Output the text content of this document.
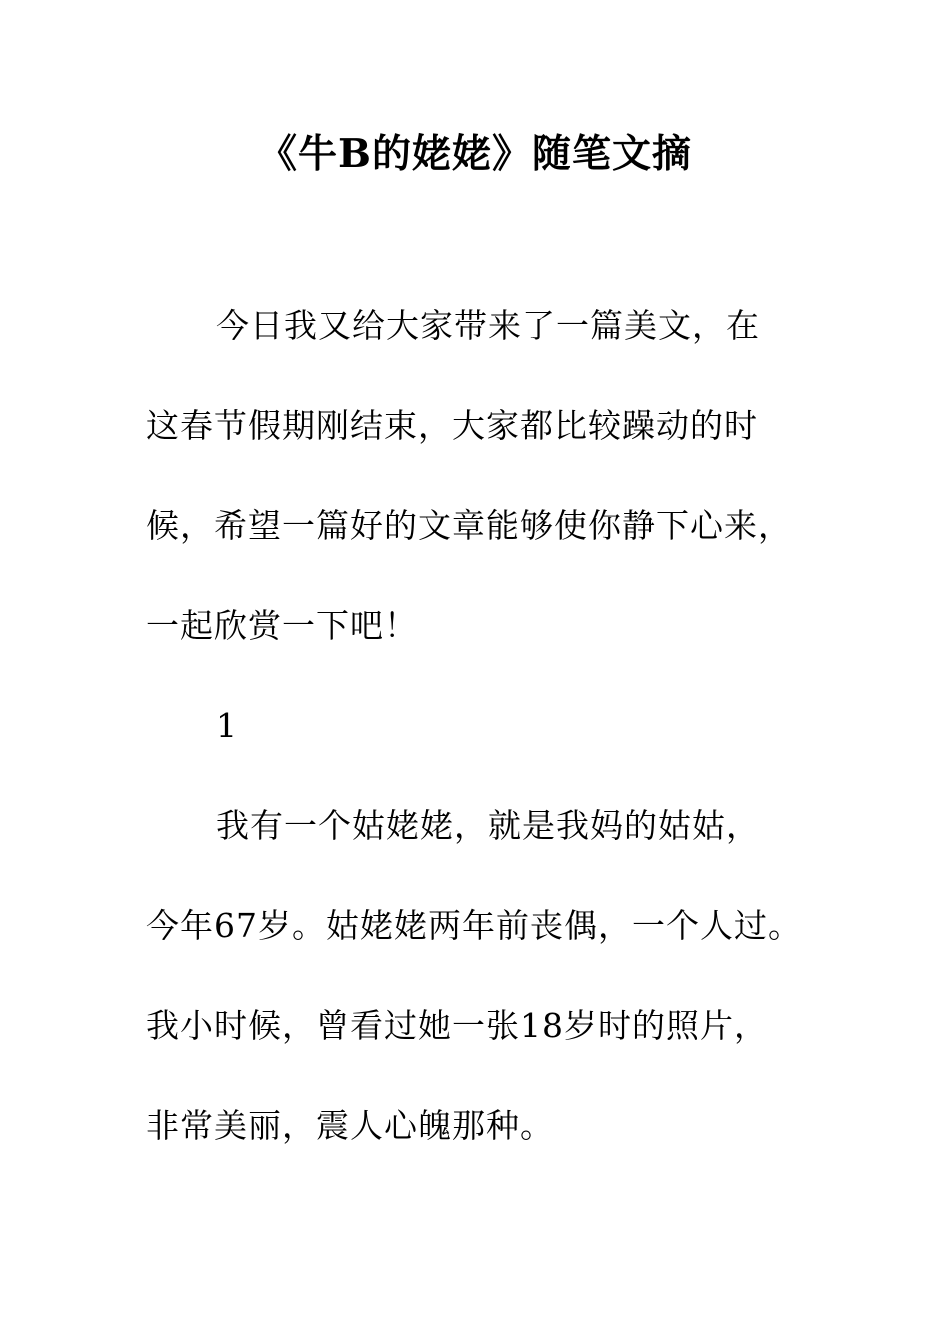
《牛B的姥姥》随笔文摘
今日我又给大家带来了一篇美文，在
这春节假期刚结束，大家都比较躁动的时
候，希望一篇好的文章能够使你静下心来，
一起欣赏一下吧！
1
我有一个姑姥姥，就是我妈的姑姑，
今年67岁。姑姥姥两年前丧偶，一个人过。
我小时候，曾看过她一张18岁时的照片，
非常美丽，震人心魄那种。
